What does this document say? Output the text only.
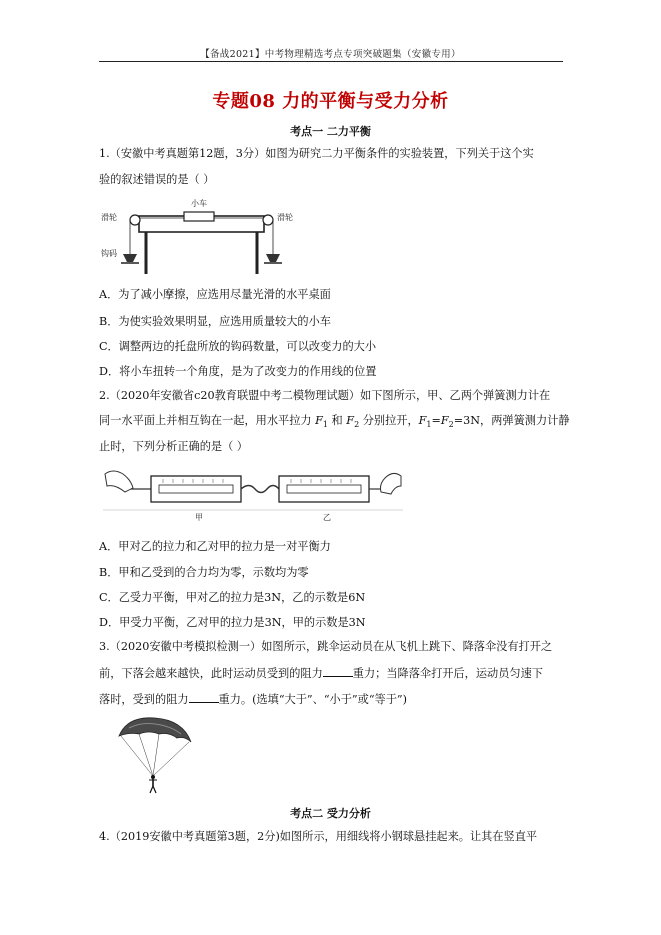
【备战2021】中考物理精选考点专项突破题集（安徽专用）
专题08 力的平衡与受力分析
考点一 二力平衡
1.（安徽中考真题第12题，3分）如图为研究二力平衡条件的实验装置，下列关于这个实
验的叙述错误的是（ ）
小车
滑轮	滑轮
钩码
A．为了减小摩擦，应选用尽量光滑的水平桌面
B．为使实验效果明显，应选用质量较大的小车
C．调整两边的托盘所放的钩码数量，可以改变力的大小
D．将小车扭转一个角度，是为了改变力的作用线的位置
2.（2020年安徽省c20教育联盟中考二模物理试题）如下图所示，甲、乙两个弹簧测力计在
同一水平面上并相互钩在一起，用水平拉力 $F_1$ 和 $F_2$ 分别拉开，$F_1=F_2=3N$，两弹簧测力计静
止时，下列分析正确的是（ ）
甲	乙
A．甲对乙的拉力和乙对甲的拉力是一对平衡力
B．甲和乙受到的合力均为零，示数均为零
C．乙受力平衡，甲对乙的拉力是3N，乙的示数是6N
D．甲受力平衡，乙对甲的拉力是3N，甲的示数是3N
3.（2020安徽中考模拟检测一）如图所示，跳伞运动员在从飞机上跳下、降落伞没有打开之
前，下落会越来越快，此时运动员受到的阻力	重力；当降落伞打开后，运动员匀速下
落时，受到的阻力	重力。(选填“大于”、“小于”或“等于”)
考点二 受力分析
4.（2019安徽中考真题第3题，2分)如图所示，用细线将小钢球悬挂起来。让其在竖直平
